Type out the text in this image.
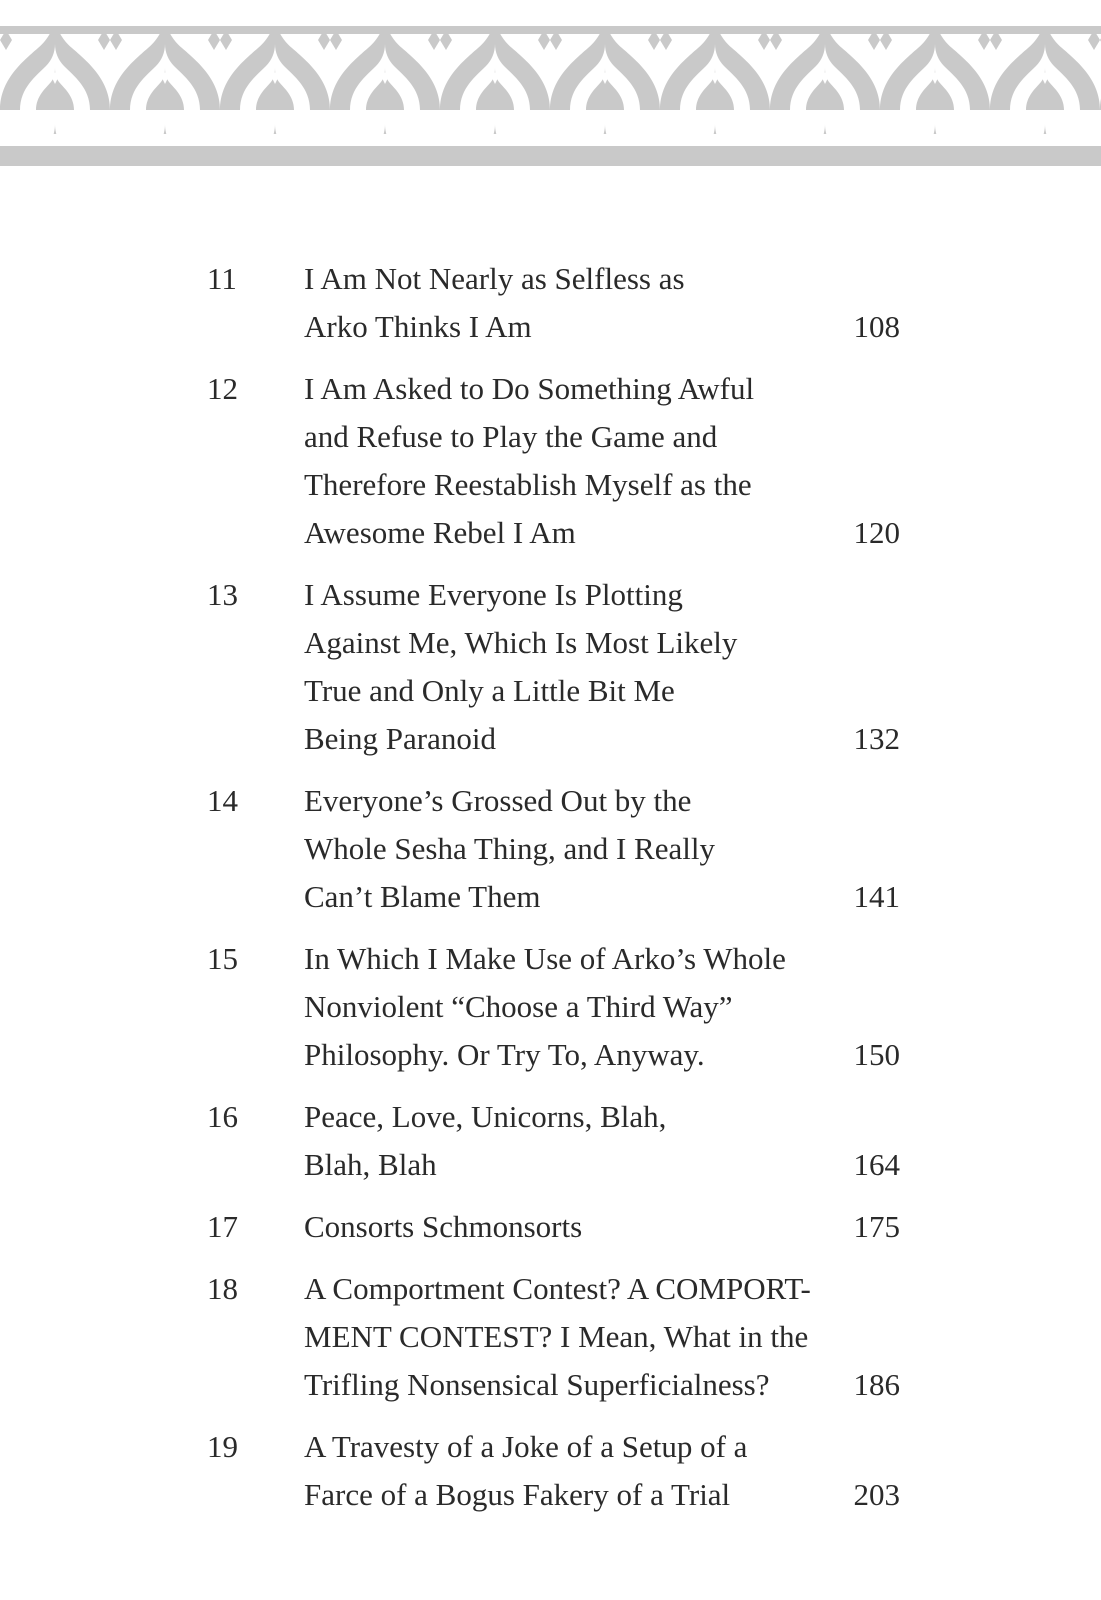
11 I Am Not Nearly as Selfless as
Arko Thinks I Am	108
12 I Am Asked to Do Something Awful
and Refuse to Play the Game and
Therefore Reestablish Myself as the
Awesome Rebel I Am	120
13 I Assume Everyone Is Plotting
Against Me, Which Is Most Likely
True and Only a Little Bit Me
Being Paranoid	132
14 Everyone’s Grossed Out by the
Whole Sesha Thing, and I Really
Can’t Blame Them	141
15 In Which I Make Use of Arko’s Whole
Nonviolent “Choose a Third Way”
Philosophy. Or Try To, Anyway.	150
16 Peace, Love, Unicorns, Blah,
Blah, Blah	164
17 Consorts Schmonsorts	175
18 A Comportment Contest? A COMPORT-
MENT CONTEST? I Mean, What in the
Trifling Nonsensical Superficialness?	186
19 A Travesty of a Joke of a Setup of a
Farce of a Bogus Fakery of a Trial	203
